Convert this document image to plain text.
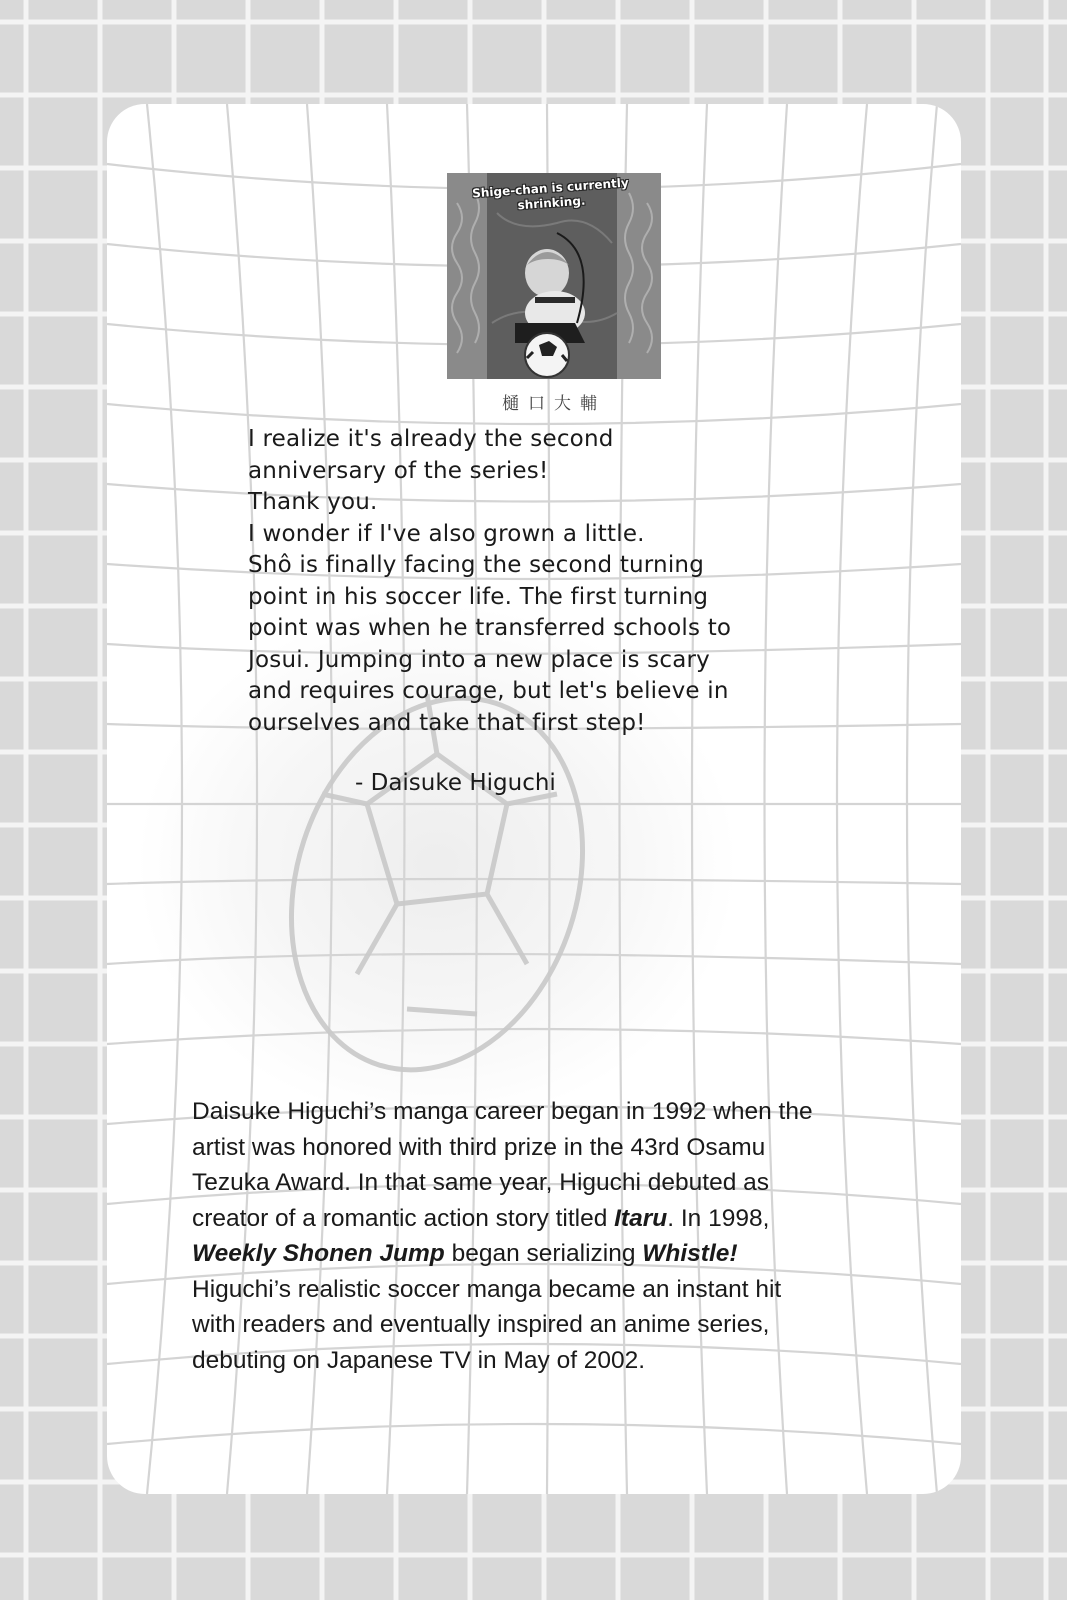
Shige-chan is currently shrinking.
樋口大輔

I realize it's already the second
anniversary of the series!
Thank you.
I wonder if I've also grown a little.
Shô is finally facing the second turning
point in his soccer life. The first turning
point was when he transferred schools to
Josui. Jumping into a new place is scary
and requires courage, but let's believe in
ourselves and take that first step!

- Daisuke Higuchi

Daisuke Higuchi’s manga career began in 1992 when the
artist was honored with third prize in the 43rd Osamu
Tezuka Award. In that same year, Higuchi debuted as
creator of a romantic action story titled Itaru. In 1998,
Weekly Shonen Jump began serializing Whistle!
Higuchi’s realistic soccer manga became an instant hit
with readers and eventually inspired an anime series,
debuting on Japanese TV in May of 2002.
